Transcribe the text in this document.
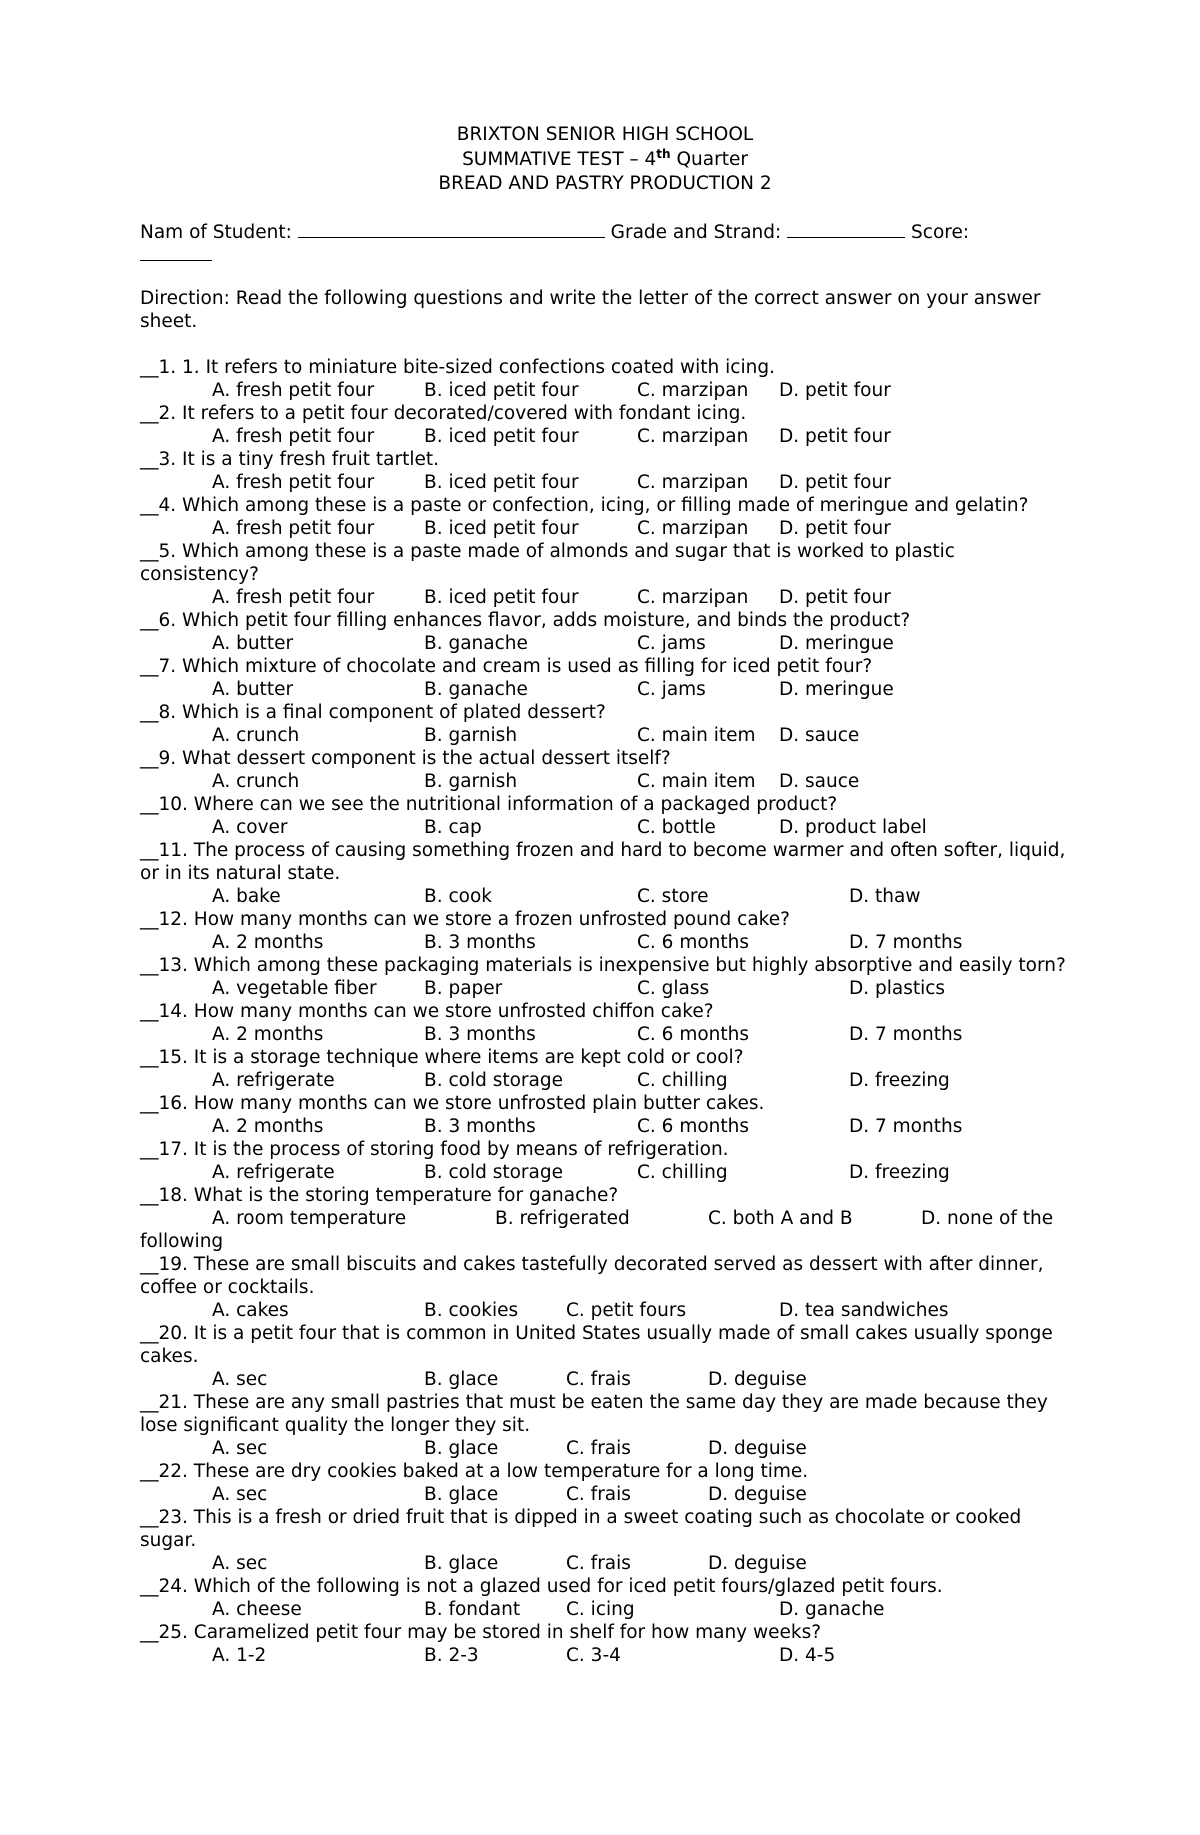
BRIXTON SENIOR HIGH SCHOOL
SUMMATIVE TEST – 4th Quarter
BREAD AND PASTRY PRODUCTION 2
Nam of Student:	Grade and Strand:	Score:

Direction: Read the following questions and write the letter of the correct answer on your answer sheet.
__1. 1. It refers to miniature bite-sized confections coated with icing.
A. fresh petit four	B. iced petit four	C. marzipan D. petit four
__2. It refers to a petit four decorated/covered with fondant icing.
A. fresh petit four	B. iced petit four	C. marzipan D. petit four
__3. It is a tiny fresh fruit tartlet.
A. fresh petit four	B. iced petit four	C. marzipan D. petit four
__4. Which among these is a paste or confection, icing, or filling made of meringue and gelatin?
A. fresh petit four	B. iced petit four	C. marzipan D. petit four
__5. Which among these is a paste made of almonds and sugar that is worked to plastic consistency?
A. fresh petit four	B. iced petit four	C. marzipan D. petit four
__6. Which petit four filling enhances flavor, adds moisture, and binds the product?
A. butter	B. ganache	C. jams	D. meringue
__7. Which mixture of chocolate and cream is used as filling for iced petit four?
A. butter	B. ganache	C. jams	D. meringue
__8. Which is a final component of plated dessert?
A. crunch	B. garnish	C. main item D. sauce
__9. What dessert component is the actual dessert itself?
A. crunch	B. garnish	C. main item D. sauce
__10. Where can we see the nutritional information of a packaged product?
A. cover	B. cap	C. bottle	D. product label
__11. The process of causing something frozen and hard to become warmer and often softer, liquid, or in its natural state.
A. bake	B. cook	C. store	D. thaw
__12. How many months can we store a frozen unfrosted pound cake?
A. 2 months	B. 3 months	C. 6 months	D. 7 months
__13. Which among these packaging materials is inexpensive but highly absorptive and easily torn?
A. vegetable fiber	B. paper	C. glass	D. plastics
__14. How many months can we store unfrosted chiffon cake?
A. 2 months	B. 3 months	C. 6 months	D. 7 months
__15. It is a storage technique where items are kept cold or cool?
A. refrigerate	B. cold storage	C. chilling	D. freezing
__16. How many months can we store unfrosted plain butter cakes.
A. 2 months	B. 3 months	C. 6 months	D. 7 months
__17. It is the process of storing food by means of refrigeration.
A. refrigerate	B. cold storage	C. chilling	D. freezing
__18. What is the storing temperature for ganache?
A. room temperature	B. refrigerated	C. both A and B	D. none of the
following
__19. These are small biscuits and cakes tastefully decorated served as dessert with after dinner, coffee or cocktails.
A. cakes	B. cookies	C. petit fours	D. tea sandwiches
__20. It is a petit four that is common in United States usually made of small cakes usually sponge cakes.
A. sec	B. glace	C. frais	D. deguise
__21. These are any small pastries that must be eaten the same day they are made because they lose significant quality the longer they sit.
A. sec	B. glace	C. frais	D. deguise
__22. These are dry cookies baked at a low temperature for a long time.
A. sec	B. glace	C. frais	D. deguise
__23. This is a fresh or dried fruit that is dipped in a sweet coating such as chocolate or cooked sugar.
A. sec	B. glace	C. frais	D. deguise
__24. Which of the following is not a glazed used for iced petit fours/glazed petit fours.
A. cheese	B. fondant C. icing	D. ganache
__25. Caramelized petit four may be stored in shelf for how many weeks?
A. 1-2	B. 2-3	C. 3-4	D. 4-5
